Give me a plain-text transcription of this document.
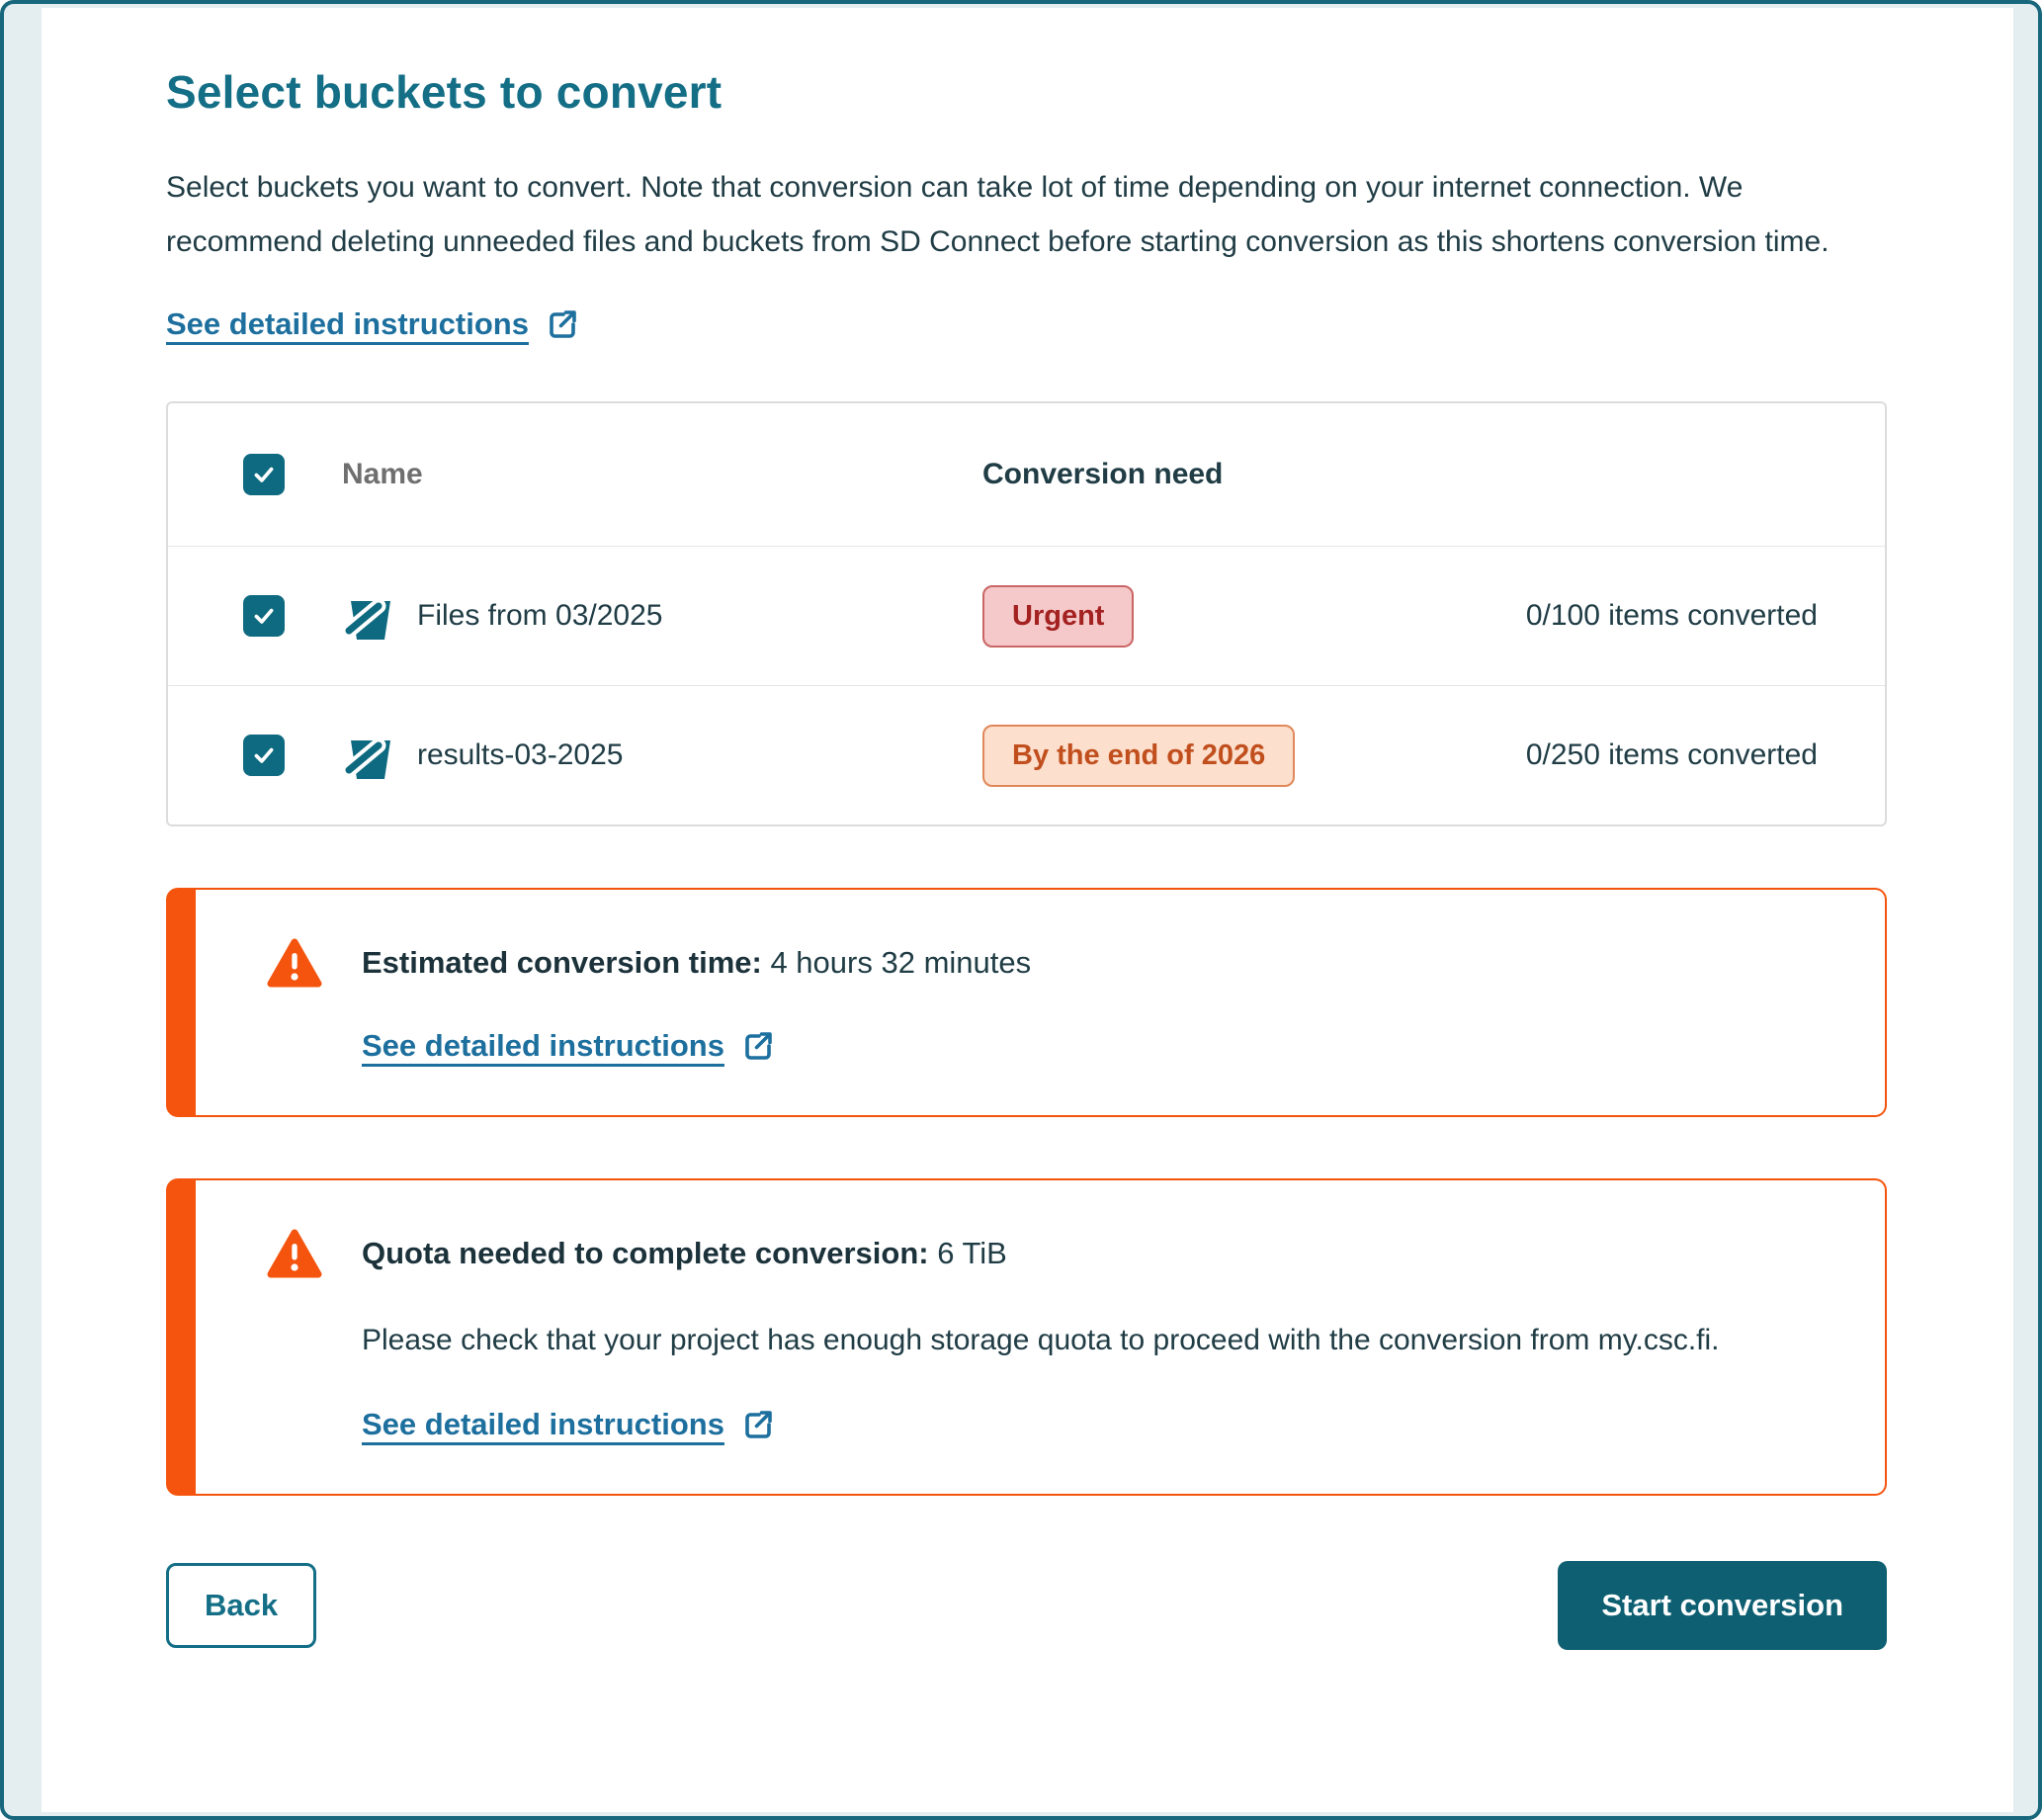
Select buckets to convert

Select buckets you want to convert. Note that conversion can take lot of time depending on your internet connection. We recommend deleting unneeded files and buckets from SD Connect before starting conversion as this shortens conversion time.

See detailed instructions
Name	Conversion need
Files from 03/2025	Urgent	0/100 items converted
results-03-2025	By the end of 2026	0/250 items converted
Estimated conversion time: 4 hours 32 minutes
See detailed instructions
Quota needed to complete conversion: 6 TiB

Please check that your project has enough storage quota to proceed with the conversion from my.csc.fi.

See detailed instructions
Back	Start conversion
